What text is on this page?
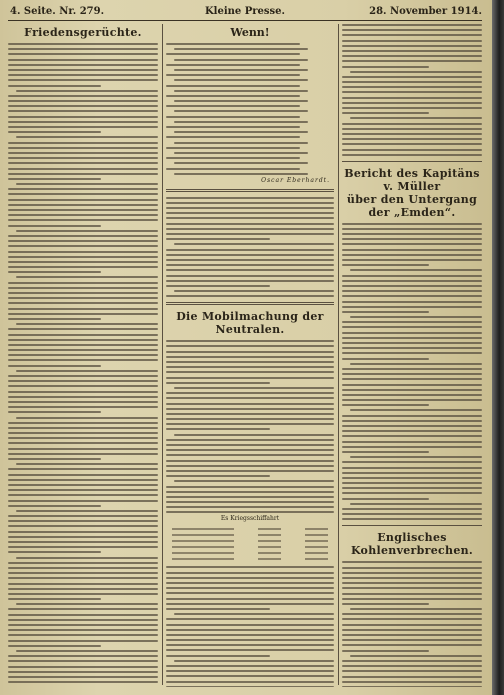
4. Seite. Nr. 279.	Kleine Presse.	28. November 1914.
Friedensgerüchte.	Wenn!
Oscar Eberhardt.
Die Mobilmachung der Neutralen.
Es Kriegsschiffahrt
Bericht des Kapitäns v. Müller
über den Untergang der „Emden“.
Englisches Kohlenverbrechen.
